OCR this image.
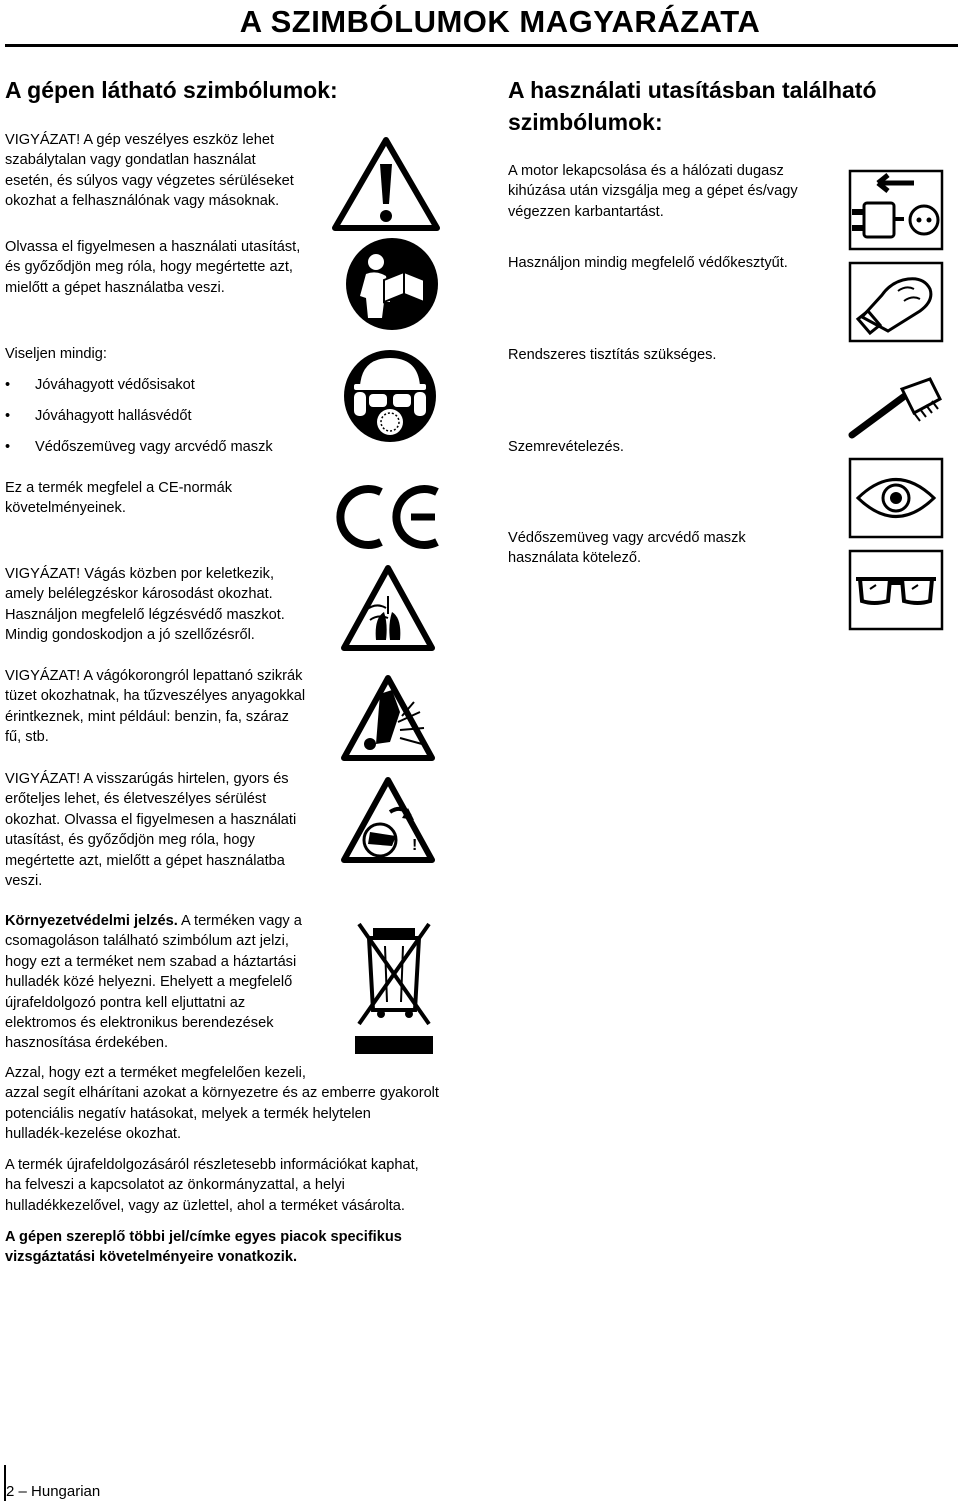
A SZIMBÓLUMOK MAGYARÁZATA
A gépen látható szimbólumok:
VIGYÁZAT! A gép veszélyes eszköz lehet
szabálytalan vagy gondatlan használat
esetén, és súlyos vagy végzetes sérüléseket
okozhat a felhasználónak vagy másoknak.
Olvassa el figyelmesen a használati utasítást,
és győződjön meg róla, hogy megértette azt,
mielőtt a gépet használatba veszi.
Viseljen mindig:
• Jóváhagyott védősisakot
• Jóváhagyott hallásvédőt
• Védőszemüveg vagy arcvédő maszk
Ez a termék megfelel a CE-normák
követelményeinek.
VIGYÁZAT! Vágás közben por keletkezik,
amely belélegzéskor károsodást okozhat.
Használjon megfelelő légzésvédő maszkot.
Mindig gondoskodjon a jó szellőzésről.
VIGYÁZAT! A vágókorongról lepattanó szikrák
tüzet okozhatnak, ha tűzveszélyes anyagokkal
érintkeznek, mint például: benzin, fa, száraz
fű, stb.
VIGYÁZAT! A visszarúgás hirtelen, gyors és
erőteljes lehet, és életveszélyes sérülést
okozhat. Olvassa el figyelmesen a használati
utasítást, és győződjön meg róla, hogy
megértette azt, mielőtt a gépet használatba
veszi.
Környezetvédelmi jelzés. A terméken vagy a
csomagoláson található szimbólum azt jelzi,
hogy ezt a terméket nem szabad a háztartási
hulladék közé helyezni. Ehelyett a megfelelő
újrafeldolgozó pontra kell eljuttatni az
elektromos és elektronikus berendezések
hasznosítása érdekében.
Azzal, hogy ezt a terméket megfelelően kezeli,
azzal segít elhárítani azokat a környezetre és az emberre gyakorolt
potenciális negatív hatásokat, melyek a termék helytelen
hulladék-kezelése okozhat.
A termék újrafeldolgozásáról részletesebb információkat kaphat,
ha felveszi a kapcsolatot az önkormányzattal, a helyi
hulladékkezelővel, vagy az üzlettel, ahol a terméket vásárolta.
A gépen szereplő többi jel/címke egyes piacok specifikus
vizsgáztatási követelményeire vonatkozik.
A használati utasításban található
szimbólumok:
A motor lekapcsolása és a hálózati dugasz
kihúzása után vizsgálja meg a gépet és/vagy
végezzen karbantartást.
Használjon mindig megfelelő védőkesztyűt.
Rendszeres tisztítás szükséges.
Szemrevételezés.
Védőszemüveg vagy arcvédő maszk
használata kötelező.
!
2 – Hungarian
